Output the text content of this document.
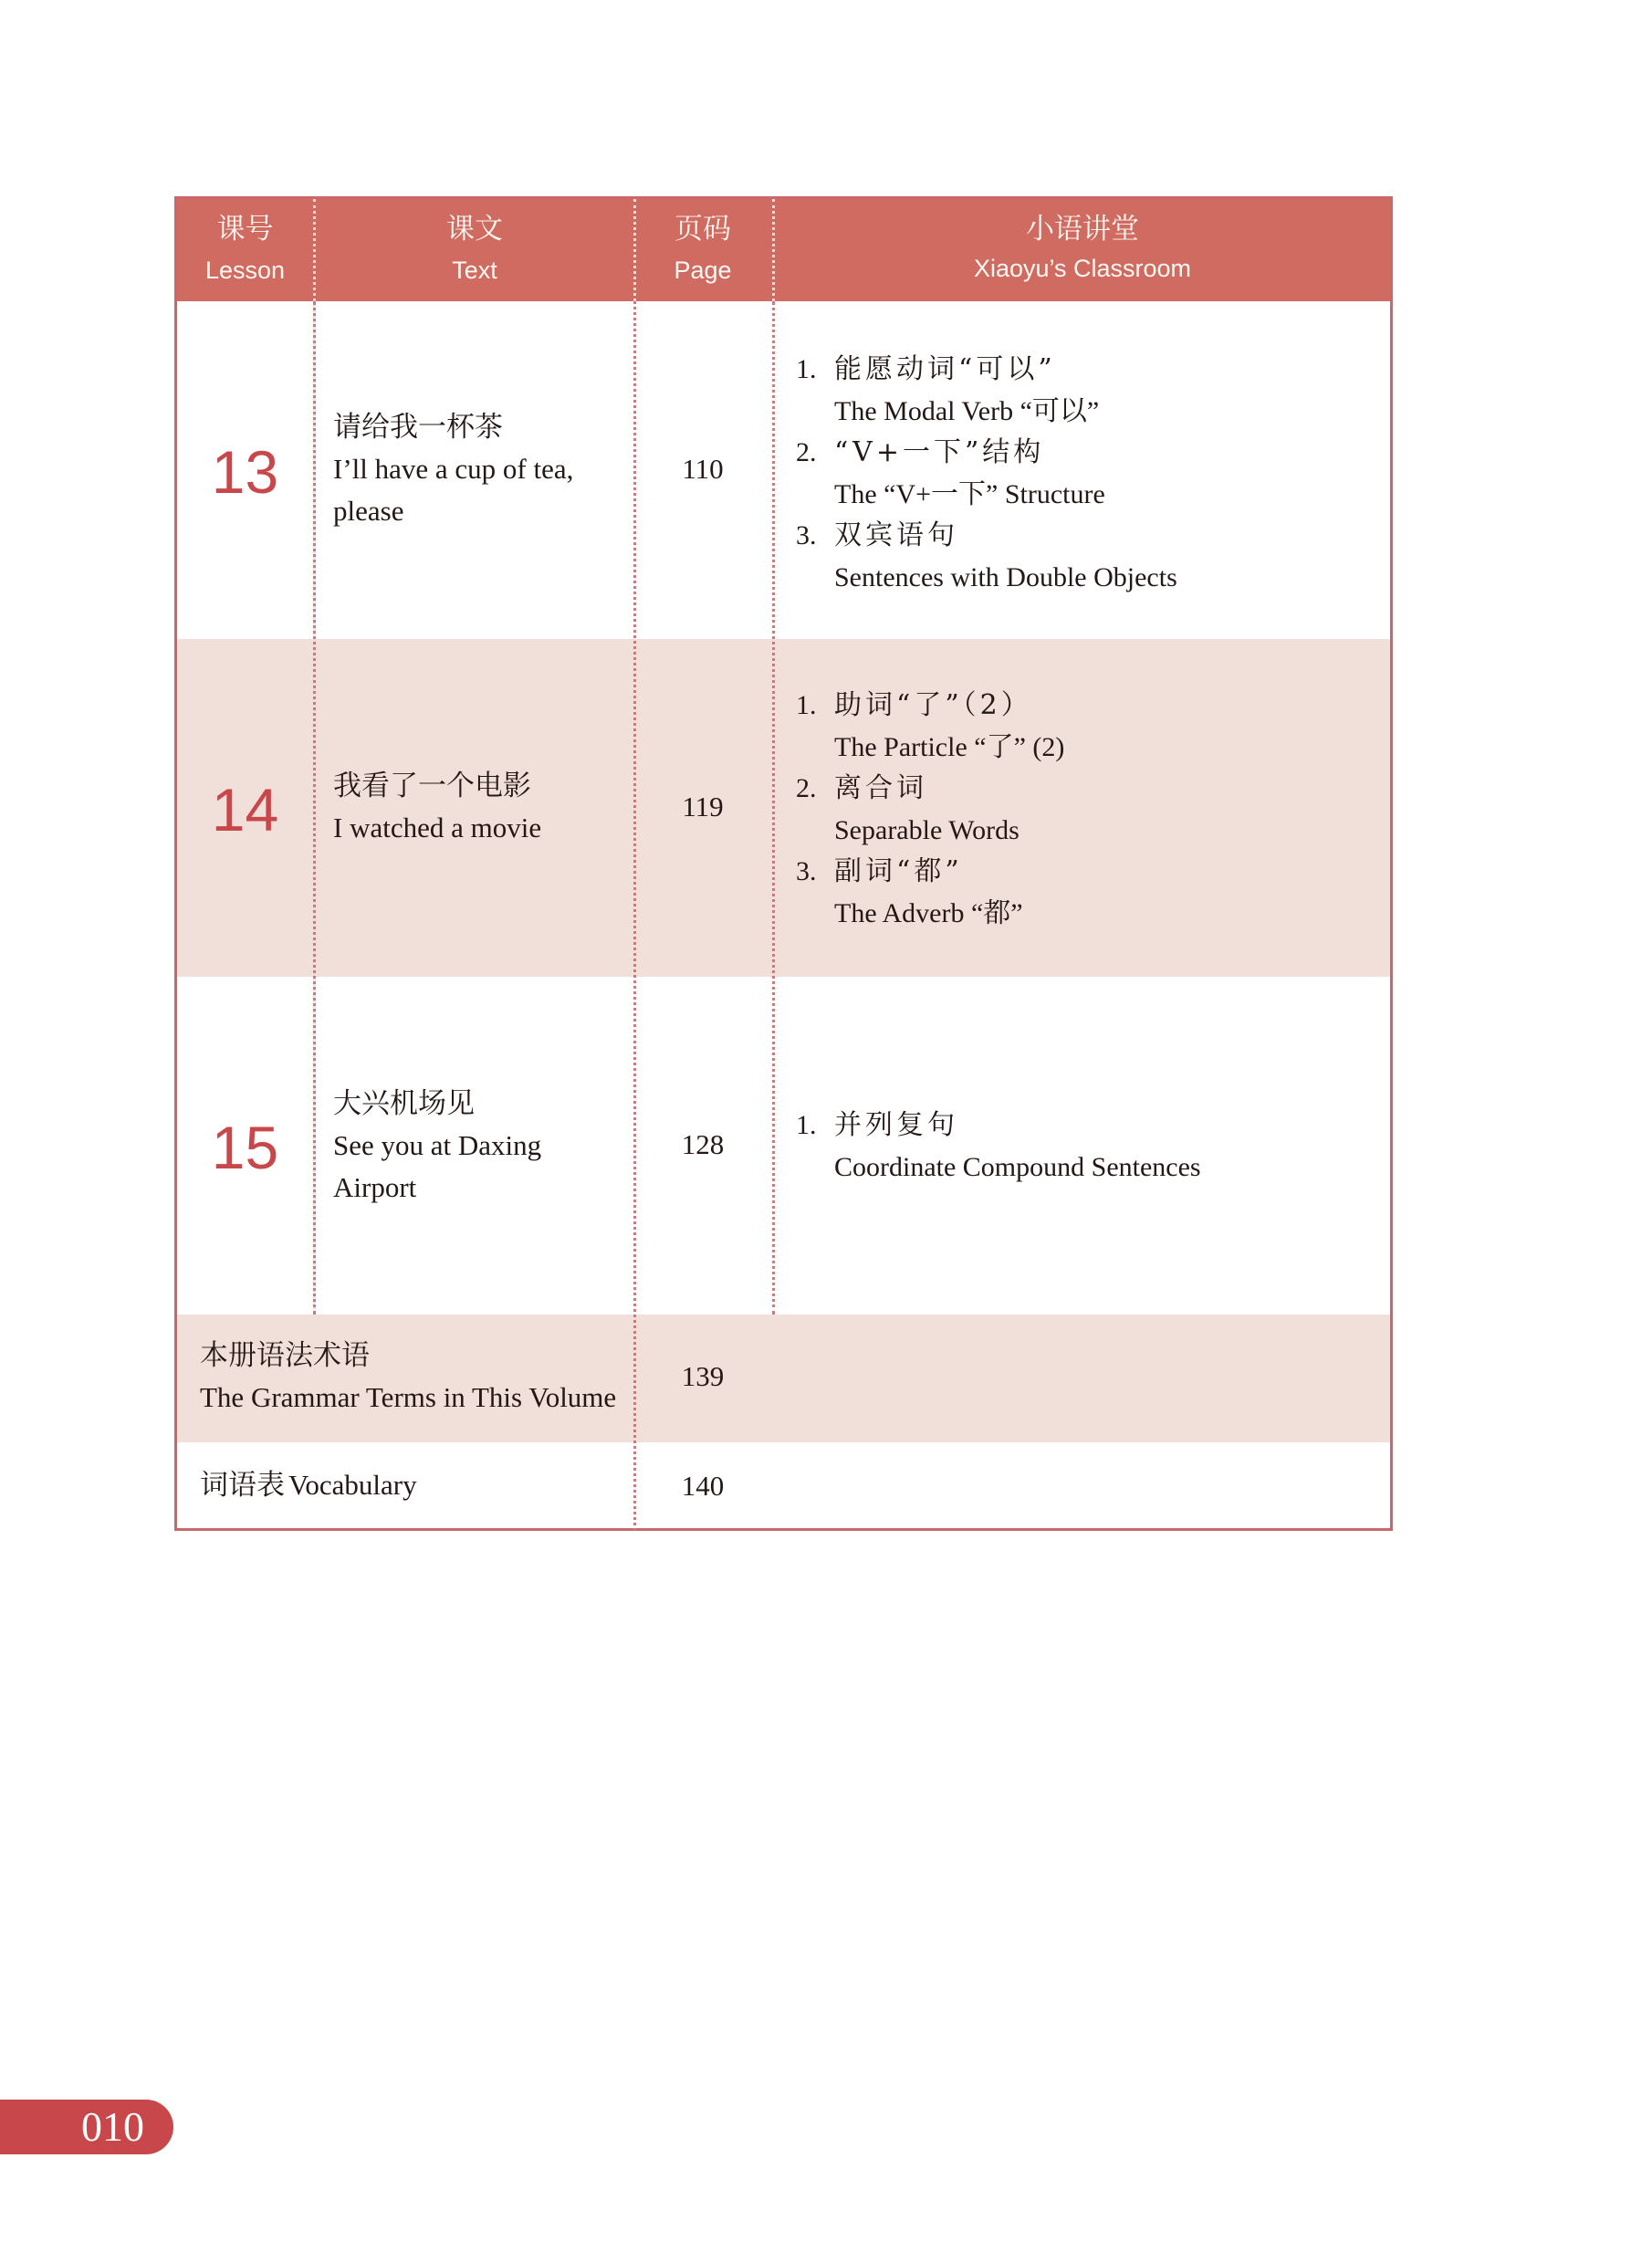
课号
Lesson
课文
Text
页码
Page
小语讲堂
Xiaoyu’s Classroom
13
请给我一杯茶
I’ll have a cup of tea,
please
110
1. 能愿动词“可以”
The Modal Verb “可以”
2. “V+一下”结构
The “V+一下” Structure
3. 双宾语句
Sentences with Double Objects
14	我看了一个电影
I watched a movie
119
1. 助词“了”（2）
The Particle “了” (2)
2. 离合词
Separable Words
3. 副词“都”
The Adverb “都”
15
大兴机场见
See you at Daxing
Airport
128
1. 并列复句
Coordinate Compound Sentences
本册语法术语
The Grammar Terms in This Volume
139
词语表 Vocabulary	140
010
